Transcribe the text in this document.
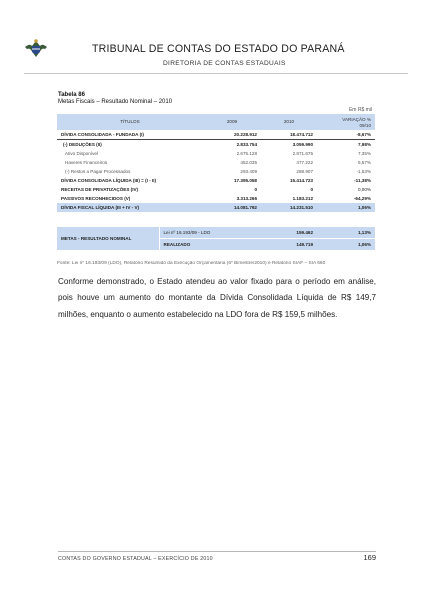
TRIBUNAL DE CONTAS DO ESTADO DO PARANÁ
DIRETORIA DE CONTAS ESTADUAIS
Tabela 86
Metas Fiscais – Resultado Nominal – 2010
Em R$ mil
TÍTULOS	2009	2010	VARIAÇÃO %
09/10

DÍVIDA CONSOLIDADA - FUNDADA (I)	20.228.912	18.474.712	-8,67%
(-) DEDUÇÕES (II)	2.833.754	3.059.990	7,98%
Ativo Disponível	2.675.128	2.871.675	7,35%
Haveres Financeiros	452.035	477.222	5,57%
(-) Restos a Pagar Processados	293.409	288.907	-1,53%
DÍVIDA CONSOLIDADA LÍQUIDA (III) = (I - II)	17.395.058	15.414.723	-11,38%
RECEITAS DE PRIVATIZAÇÕES (IV)	0	0	0,00%
PASSIVOS RECONHECIDOS (V)	3.313.266	1.183.212	-64,29%
DÍVIDA FISCAL LÍQUIDA (III + IV - V)	14.081.792	14.231.510	1,06%
METAS - RESULTADO NOMINAL	Lei nº 16.193/09 - LDO	159.462	1,13%
	REALIZADO	149.719	1,06%
Fonte: Lei nº 16.193/09 (LDO), Relatório Resumido da Execução Orçamentária (6º Bimestre/2010) e Relatório SIAF – SIA 660
Conforme demonstrado, o Estado atendeu ao valor fixado para o período em análise, pois houve um aumento do montante da Dívida Consolidada Líquida de R$ 149,7 milhões, enquanto o aumento estabelecido na LDO fora de R$ 159,5 milhões.
CONTAS DO GOVERNO ESTADUAL – EXERCÍCIO DE 2010	169
